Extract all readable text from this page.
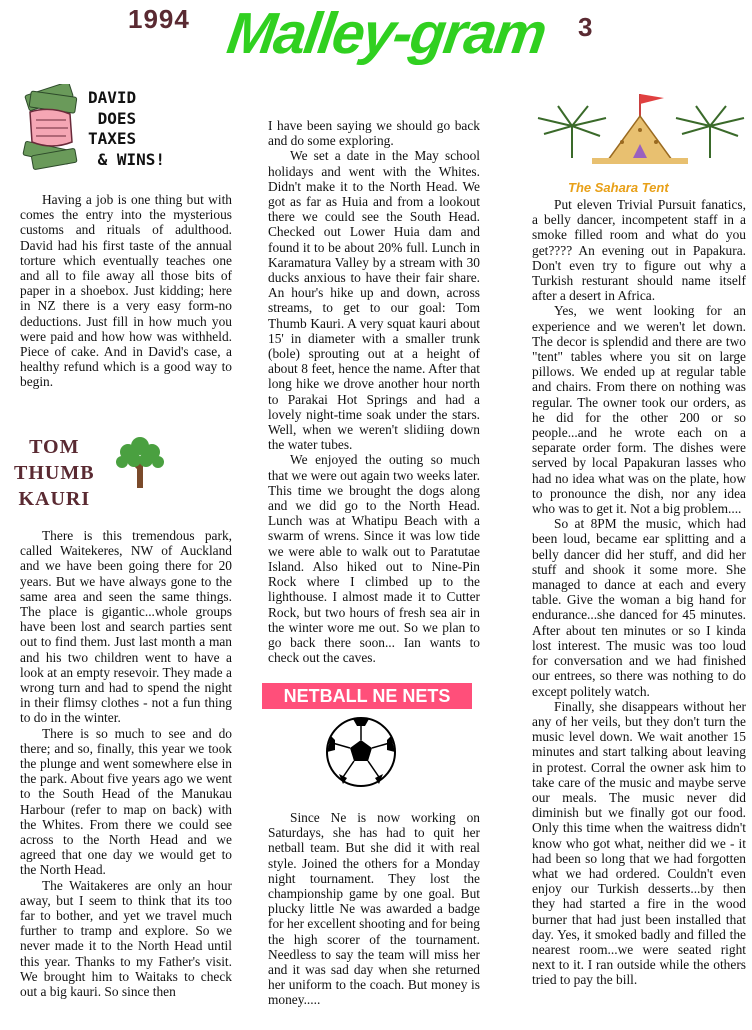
1994 Malley-gram 3
DAVID
DOES
TAXES
& WINS!

Having a job is one thing but with comes the entry into the mysterious customs and rituals of adulthood. David had his first taste of the annual torture which eventually teaches one and all to file away all those bits of paper in a shoebox. Just kidding; here in NZ there is a very easy form-no deductions. Just fill in how much you were paid and how how was withheld. Piece of cake. And in David's case, a healthy refund which is a good way to begin.

TOM
THUMB
KAURI

There is this tremendous park, called Waitekeres, NW of Auckland and we have been going there for 20 years. But we have always gone to the same area and seen the same things. The place is gigantic...whole groups have been lost and search parties sent out to find them. Just last month a man and his two children went to have a look at an empty resevoir. They made a wrong turn and had to spend the night in their flimsy clothes - not a fun thing to do in the winter.

There is so much to see and do there; and so, finally, this year we took the plunge and went somewhere else in the park. About five years ago we went to the South Head of the Manukau Harbour (refer to map on back) with the Whites. From there we could see across to the North Head and we agreed that one day we would get to the North Head.

The Waitakeres are only an hour away, but I seem to think that its too far to bother, and yet we travel much further to tramp and explore. So we never made it to the North Head until this year. Thanks to my Father's visit. We brought him to Waitaks to check out a big kauri. So since then

I have been saying we should go back and do some exploring.

We set a date in the May school holidays and went with the Whites. Didn't make it to the North Head. We got as far as Huia and from a lookout there we could see the South Head. Checked out Lower Huia dam and found it to be about 20% full. Lunch in Karamatura Valley by a stream with 30 ducks anxious to have their fair share. An hour's hike up and down, across streams, to get to our goal: Tom Thumb Kauri. A very squat kauri about 15' in diameter with a smaller trunk (bole) sprouting out at a height of about 8 feet, hence the name. After that long hike we drove another hour north to Parakai Hot Springs and had a lovely night-time soak under the stars. Well, when we weren't slidiing down the water tubes.

We enjoyed the outing so much that we were out again two weeks later. This time we brought the dogs along and we did go to the North Head. Lunch was at Whatipu Beach with a swarm of wrens. Since it was low tide we were able to walk out to Paratutae Island. Also hiked out to Nine-Pin Rock where I climbed up to the lighthouse. I almost made it to Cutter Rock, but two hours of fresh sea air in the winter wore me out. So we plan to go back there soon... Ian wants to check out the caves.

NETBALL NE NETS

Since Ne is now working on Saturdays, she has had to quit her netball team. But she did it with real style. Joined the others for a Monday night tournament. They lost the championship game by one goal. But plucky little Ne was awarded a badge for her excellent shooting and for being the high scorer of the tournament. Needless to say the team will miss her and it was sad day when she returned her uniform to the coach. But money is money.....

The Sahara Tent

Put eleven Trivial Pursuit fanatics, a belly dancer, incompetent staff in a smoke filled room and what do you get???? An evening out in Papakura. Don't even try to figure out why a Turkish resturant should name itself after a desert in Africa.

Yes, we went looking for an experience and we weren't let down. The decor is splendid and there are two "tent" tables where you sit on large pillows. We ended up at regular table and chairs. From there on nothing was regular. The owner took our orders, as he did for the other 200 or so people...and he wrote each on a separate order form. The dishes were served by local Papakuran lasses who had no idea what was on the plate, how to pronounce the dish, nor any idea who was to get it. Not a big problem....

So at 8PM the music, which had been loud, became ear splitting and a belly dancer did her stuff, and did her stuff and shook it some more. She managed to dance at each and every table. Give the woman a big hand for endurance...she danced for 45 minutes. After about ten minutes or so I kinda lost interest. The music was too loud for conversation and we had finished our entrees, so there was nothing to do except politely watch.

Finally, she disappears without her any of her veils, but they don't turn the music level down. We wait another 15 minutes and start talking about leaving in protest. Corral the owner ask him to take care of the music and maybe serve our meals. The music never did diminish but we finally got our food. Only this time when the waitress didn't know who got what, neither did we - it had been so long that we had forgotten what we had ordered. Couldn't even enjoy our Turkish desserts...by then they had started a fire in the wood burner that had just been installed that day. Yes, it smoked badly and filled the nearest room...we were seated right next to it. I ran outside while the others tried to pay the bill.
